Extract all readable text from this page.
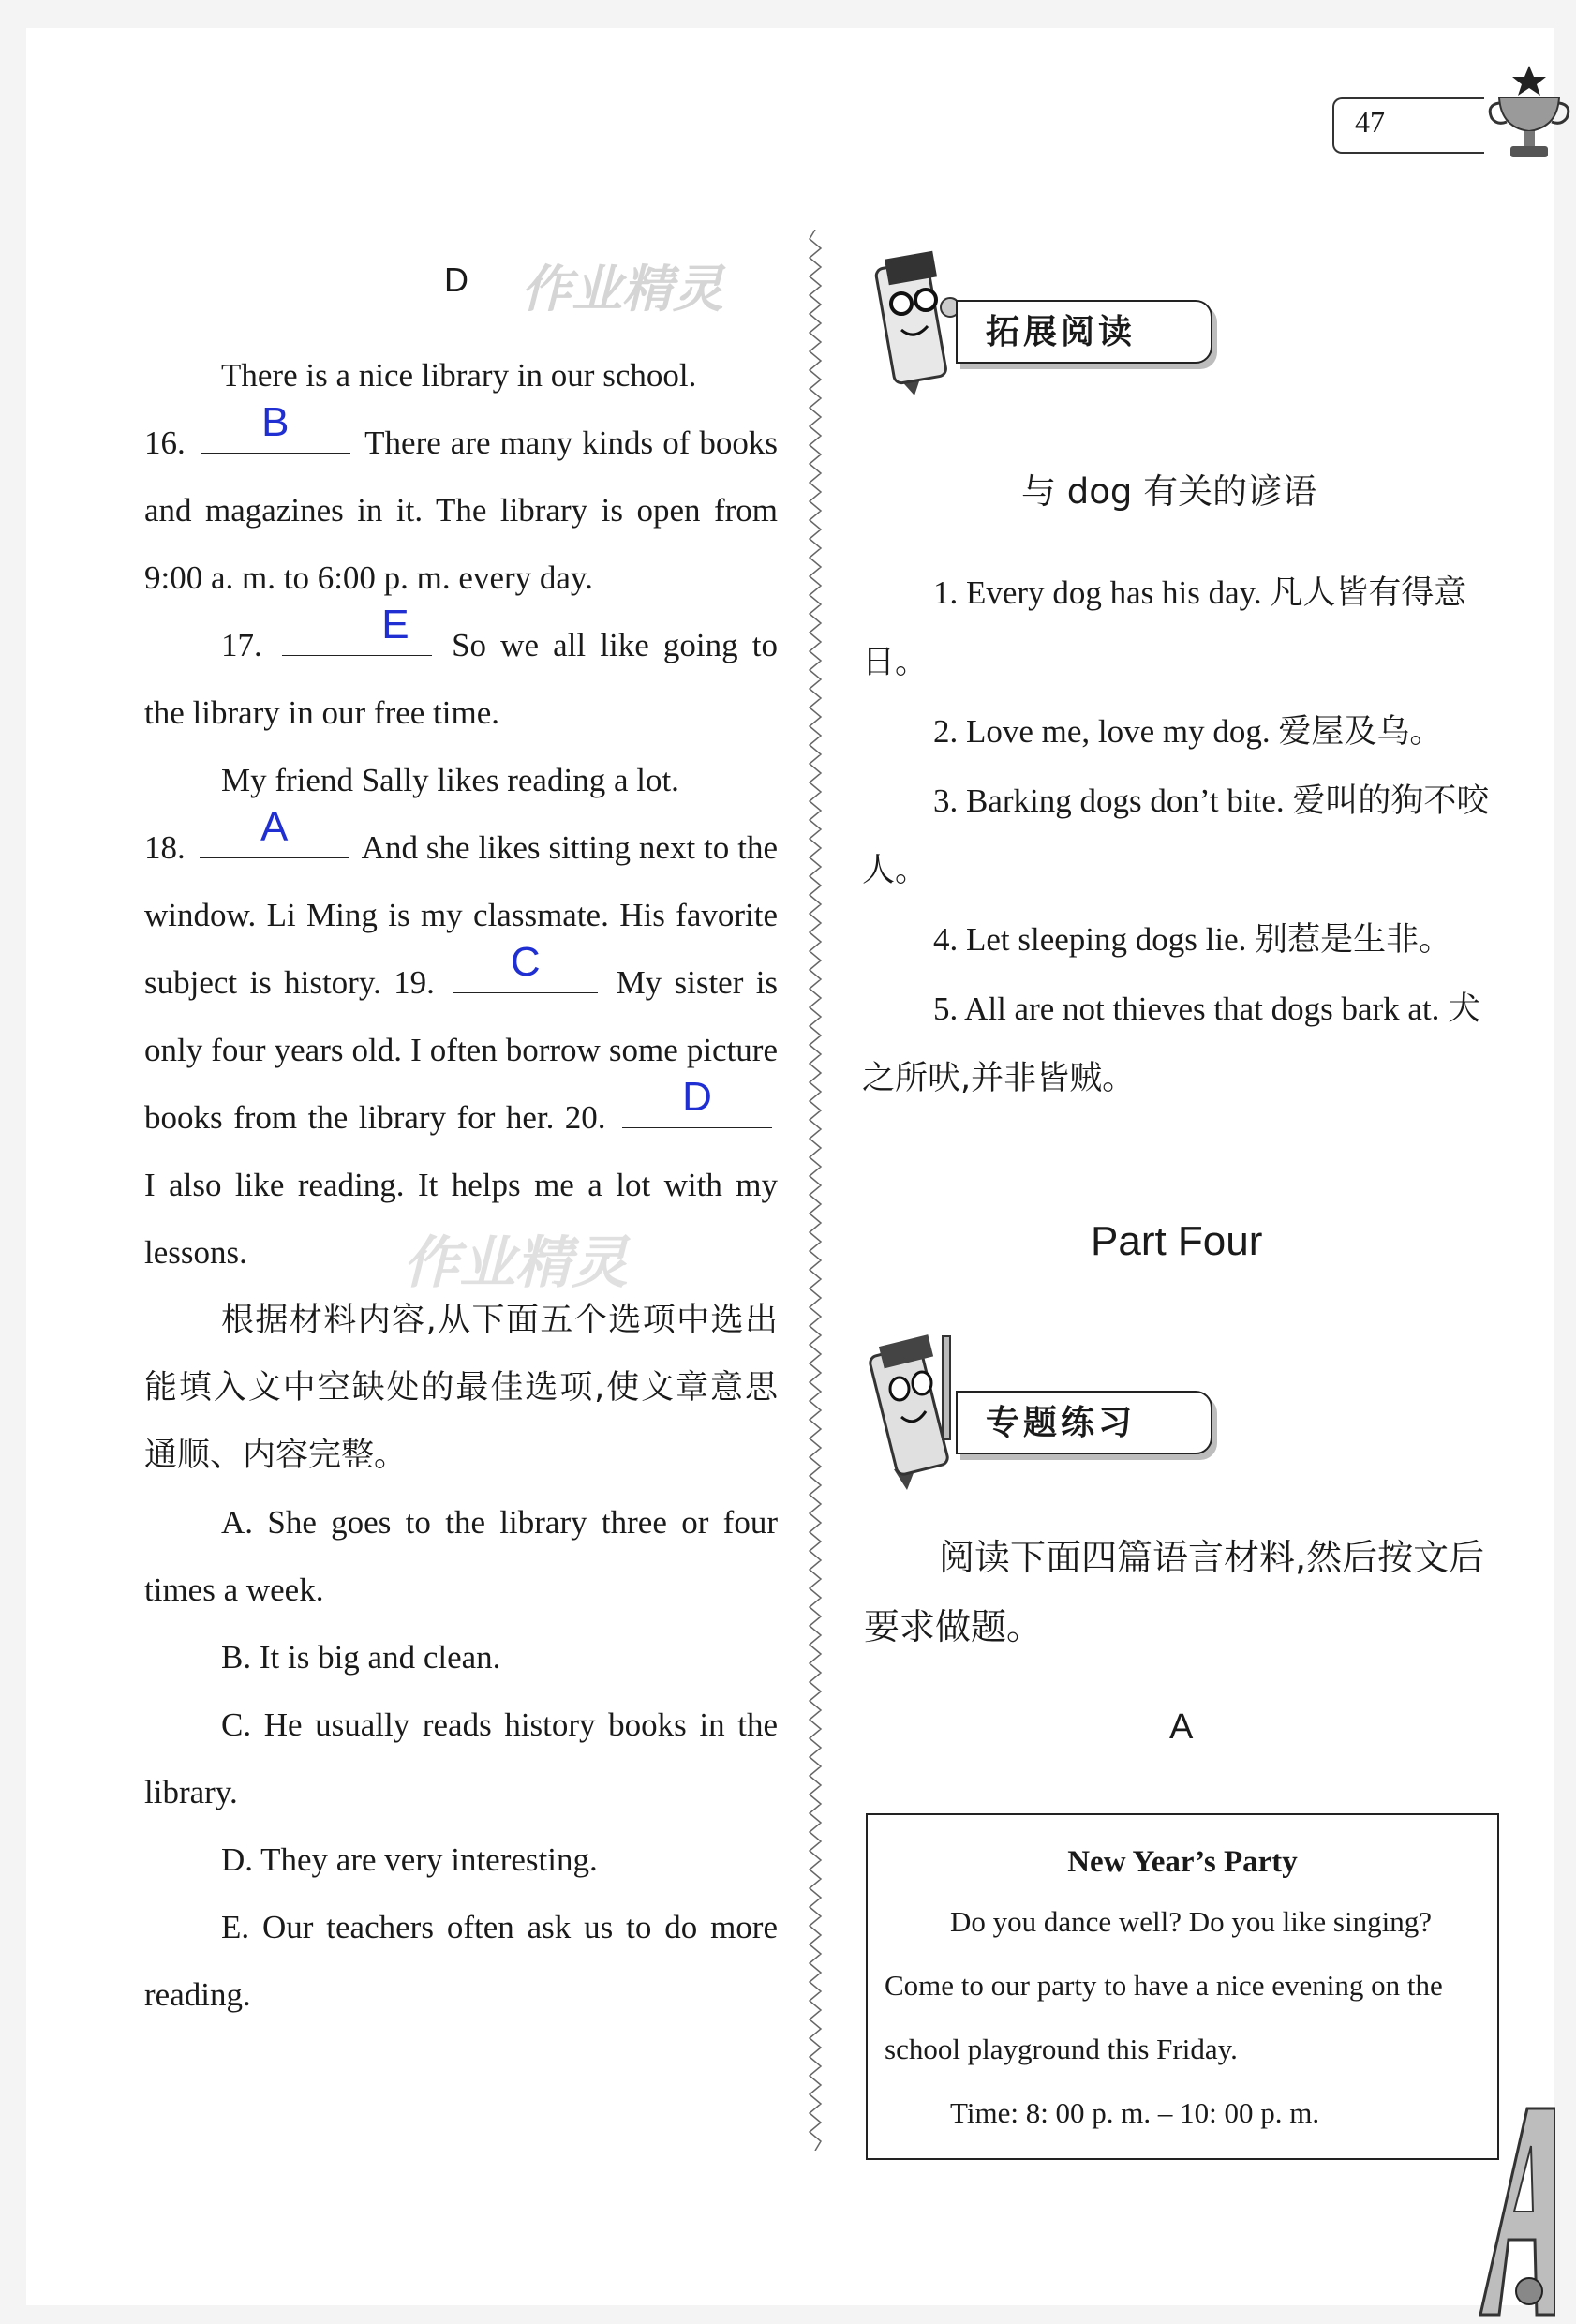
47
D 作业精灵

There is a nice library in our school.

16.	B	There are many kinds of books and magazines in it. The library is open from 9:00 a. m. to 6:00 p. m. every day.

17.	E	So we all like going to the library in our free time.

My friend Sally likes reading a lot.

18.	A	And she likes sitting next to the window. Li Ming is my classmate. His favorite subject is history. 19.	C	My sister is only four years old. I often borrow some picture books from the library for her. 20.	D
I also like reading. It helps me a lot with my lessons.

根据材料内容,从下面五个选项中选出能填入文中空缺处的最佳选项,使文章意思通顺、内容完整。

A. She goes to the library three or four times a week.

B. It is big and clean.

C. He usually reads history books in the library.

D. They are very interesting.

E. Our teachers often ask us to do more reading.

作业精灵
拓展阅读
与 dog 有关的谚语

1. Every dog has his day. 凡人皆有得意日。

2. Love me, love my dog. 爱屋及乌。

3. Barking dogs don’t bite. 爱叫的狗不咬人。

4. Let sleeping dogs lie. 别惹是生非。

5. All are not thieves that dogs bark at. 犬之所吠,并非皆贼。

Part Four
专题练习
阅读下面四篇语言材料,然后按文后要求做题。
A
New Year’s Party

Do you dance well? Do you like singing? Come to our party to have a nice evening on the school playground this Friday.

Time: 8: 00 p. m. – 10: 00 p. m.
